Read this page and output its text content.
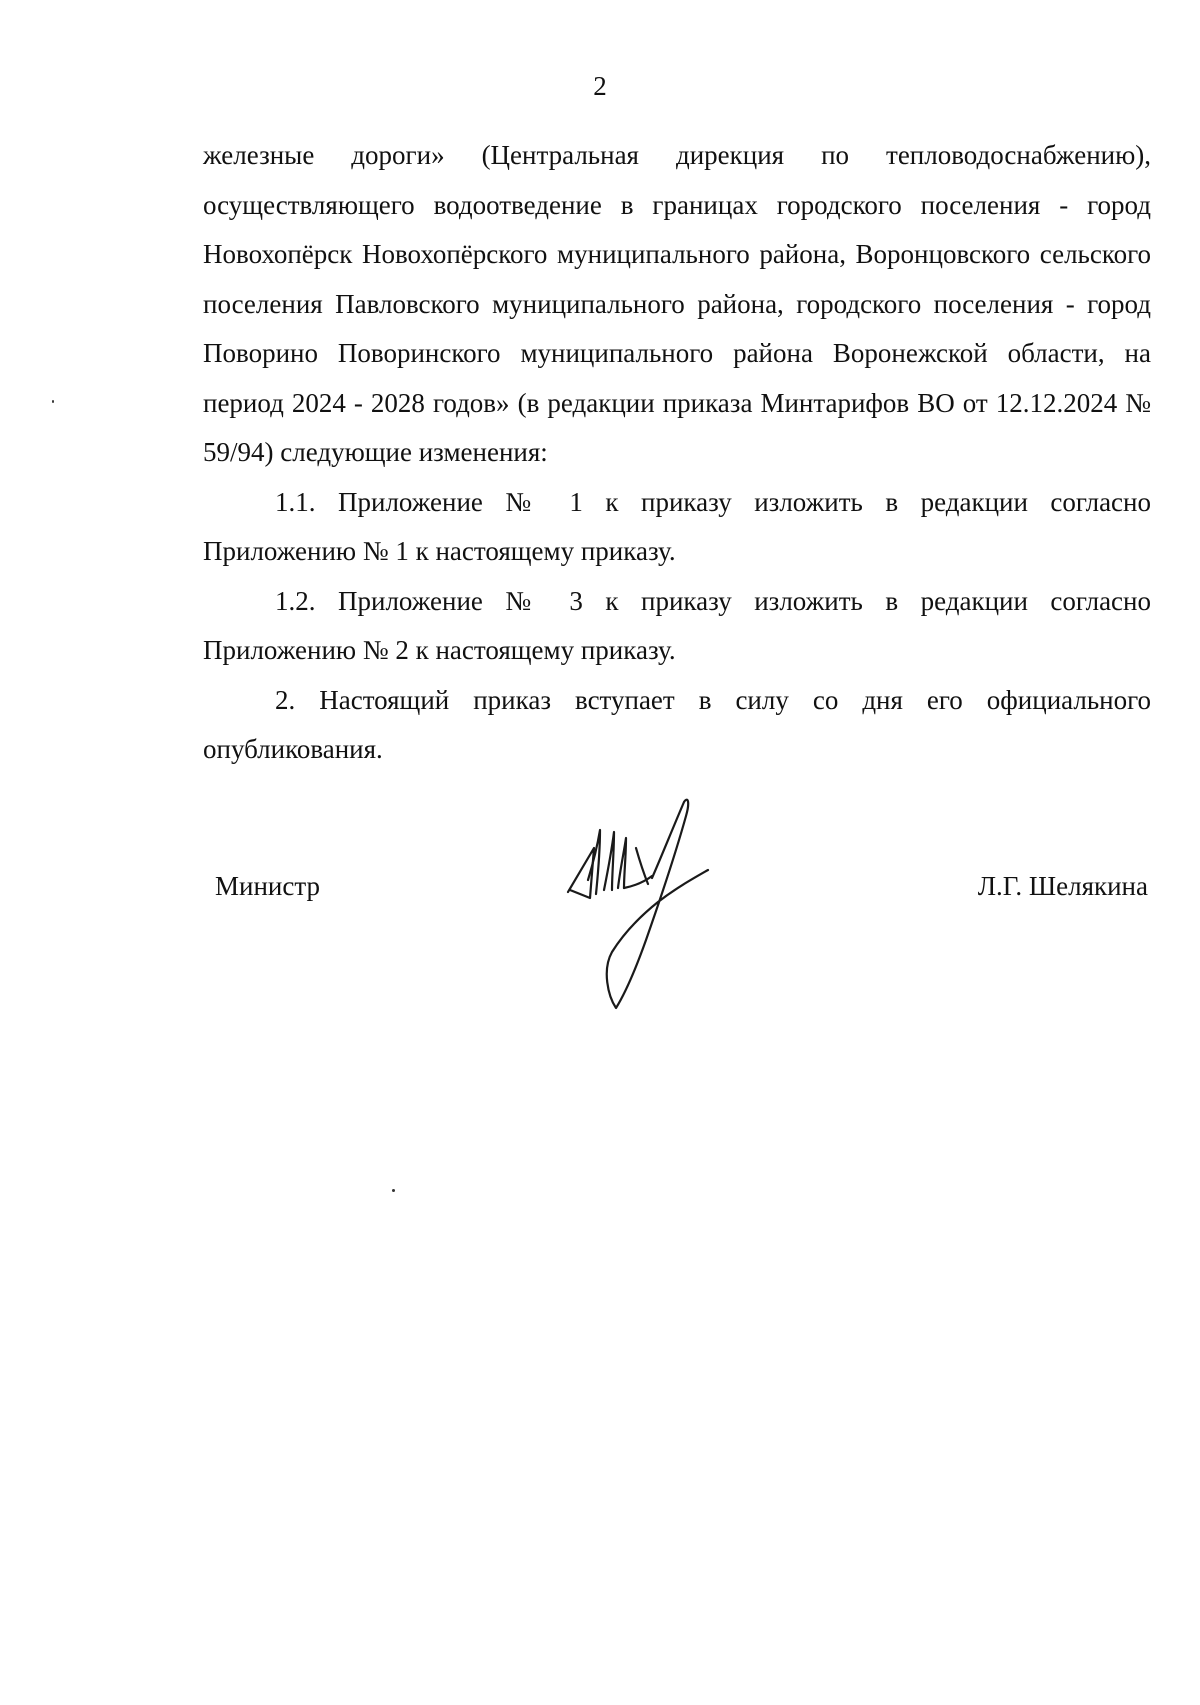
2

железные дороги» (Центральная дирекция по тепловодоснабжению), осуществляющего водоотведение в границах городского поселения - город Новохопёрск Новохопёрского муниципального района, Воронцовского сельского поселения Павловского муниципального района, городского поселения - город Поворино Поворинского муниципального района Воронежской области, на период 2024 - 2028 годов» (в редакции приказа Минтарифов ВО от 12.12.2024 № 59/94) следующие изменения:

1.1. Приложение № 1 к приказу изложить в редакции согласно Приложению № 1 к настоящему приказу.

1.2. Приложение № 3 к приказу изложить в редакции согласно Приложению № 2 к настоящему приказу.

2. Настоящий приказ вступает в силу со дня его официального опубликования.

Министр	Л.Г. Шелякина
